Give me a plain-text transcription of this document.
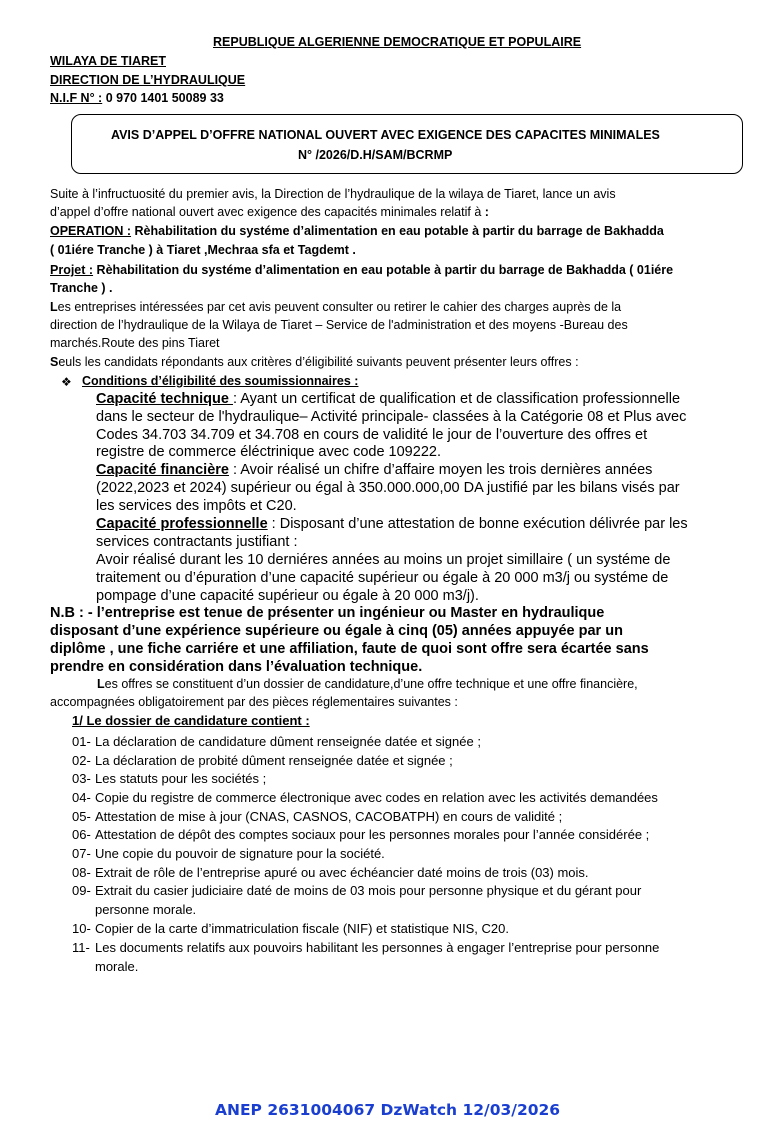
REPUBLIQUE ALGERIENNE DEMOCRATIQUE ET POPULAIRE
WILAYA DE TIARET
DIRECTION DE L’HYDRAULIQUE
N.I.F N° : 0 970 1401 50089 33
AVIS D’APPEL D’OFFRE NATIONAL OUVERT AVEC EXIGENCE DES CAPACITES MINIMALES
N° /2026/D.H/SAM/BCRMP
Suite à l’infructuosité du premier avis, la Direction de l’hydraulique de la wilaya de Tiaret, lance un avis
d’appel d’offre national ouvert avec exigence des capacités minimales relatif à :
OPERATION : Rèhabilitation du systéme d’alimentation en eau potable à partir du barrage de Bakhadda
( 01iére Tranche ) à Tiaret ,Mechraa sfa et Tagdemt .
Projet : Rèhabilitation du systéme d’alimentation en eau potable à partir du barrage de Bakhadda ( 01iére
Tranche ) .
Les entreprises intéressées par cet avis peuvent consulter ou retirer le cahier des charges auprès de la
direction de l’hydraulique de la Wilaya de Tiaret – Service de l'administration et des moyens -Bureau des
marchés.Route des pins Tiaret
Seuls les candidats répondants aux critères d’éligibilité suivants peuvent présenter leurs offres :
❖ Conditions d’éligibilité des soumissionnaires :
Capacité technique : Ayant un certificat de qualification et de classification professionnelle
dans le secteur de l'hydraulique– Activité principale- classées à la Catégorie 08 et Plus avec
Codes 34.703 34.709 et 34.708 en cours de validité le jour de l’ouverture des offres et
registre de commerce éléctrinique avec code 109222.
Capacité financière : Avoir réalisé un chifre d’affaire moyen les trois dernières années
(2022,2023 et 2024) supérieur ou égal à 350.000.000,00 DA justifié par les bilans visés par
les services des impôts et C20.
Capacité professionnelle : Disposant d’une attestation de bonne exécution délivrée par les
services contractants justifiant :
Avoir réalisé durant les 10 derniéres années au moins un projet simillaire ( un systéme de
traitement ou d’épuration d’une capacité supérieur ou égale à 20 000 m3/j ou systéme de
pompage d’une capacité supérieur ou égale à 20 000 m3/j).
N.B : - l’entreprise est tenue de présenter un ingénieur ou Master en hydraulique
disposant d’une expérience supérieure ou égale à cinq (05) années appuyée par un
diplôme , une fiche carriére et une affiliation, faute de quoi sont offre sera écartée sans
prendre en considération dans l’évaluation technique.
Les offres se constituent d’un dossier de candidature,d’une offre technique et une offre financière,
accompagnées obligatoirement par des pièces réglementaires suivantes :
1/ Le dossier de candidature contient :
01- La déclaration de candidature dûment renseignée datée et signée ;
02- La déclaration de probité dûment renseignée datée et signée ;
03- Les statuts pour les sociétés ;
04- Copie du registre de commerce électronique avec codes en relation avec les activités demandées
05- Attestation de mise à jour (CNAS, CASNOS, CACOBATPH) en cours de validité ;
06- Attestation de dépôt des comptes sociaux pour les personnes morales pour l’année considérée ;
07- Une copie du pouvoir de signature pour la société.
08- Extrait de rôle de l’entreprise apuré ou avec échéancier daté moins de trois (03) mois.
09- Extrait du casier judiciaire daté de moins de 03 mois pour personne physique et du gérant pour
personne morale.
10- Copier de la carte d’immatriculation fiscale (NIF) et statistique NIS, C20.
11- Les documents relatifs aux pouvoirs habilitant les personnes à engager l’entreprise pour personne
morale.
ANEP 2631004067 DzWatch 12/03/2026
